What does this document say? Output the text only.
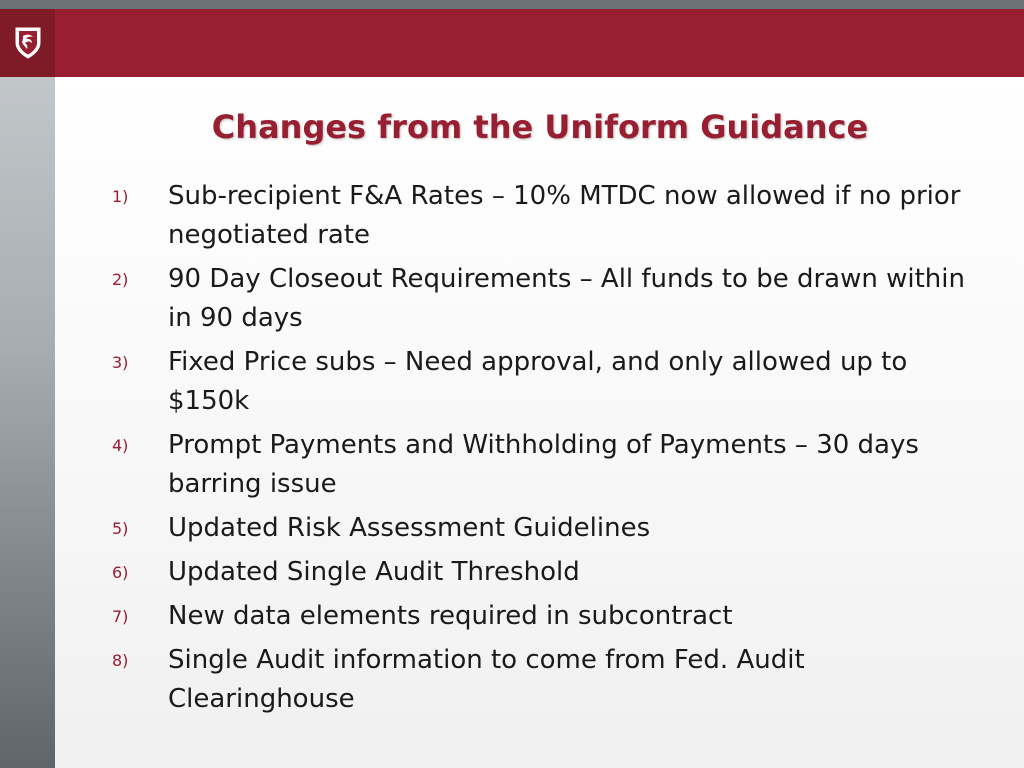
Changes from the Uniform Guidance
1)	Sub-recipient F&A Rates – 10% MTDC now allowed if no prior negotiated rate
2)	90 Day Closeout Requirements – All funds to be drawn within in 90 days
3)	Fixed Price subs – Need approval, and only allowed up to $150k
4)	Prompt Payments and Withholding of Payments – 30 days barring issue
5)	Updated Risk Assessment Guidelines
6)	Updated Single Audit Threshold
7)	New data elements required in subcontract
8)	Single Audit information to come from Fed. Audit Clearinghouse
